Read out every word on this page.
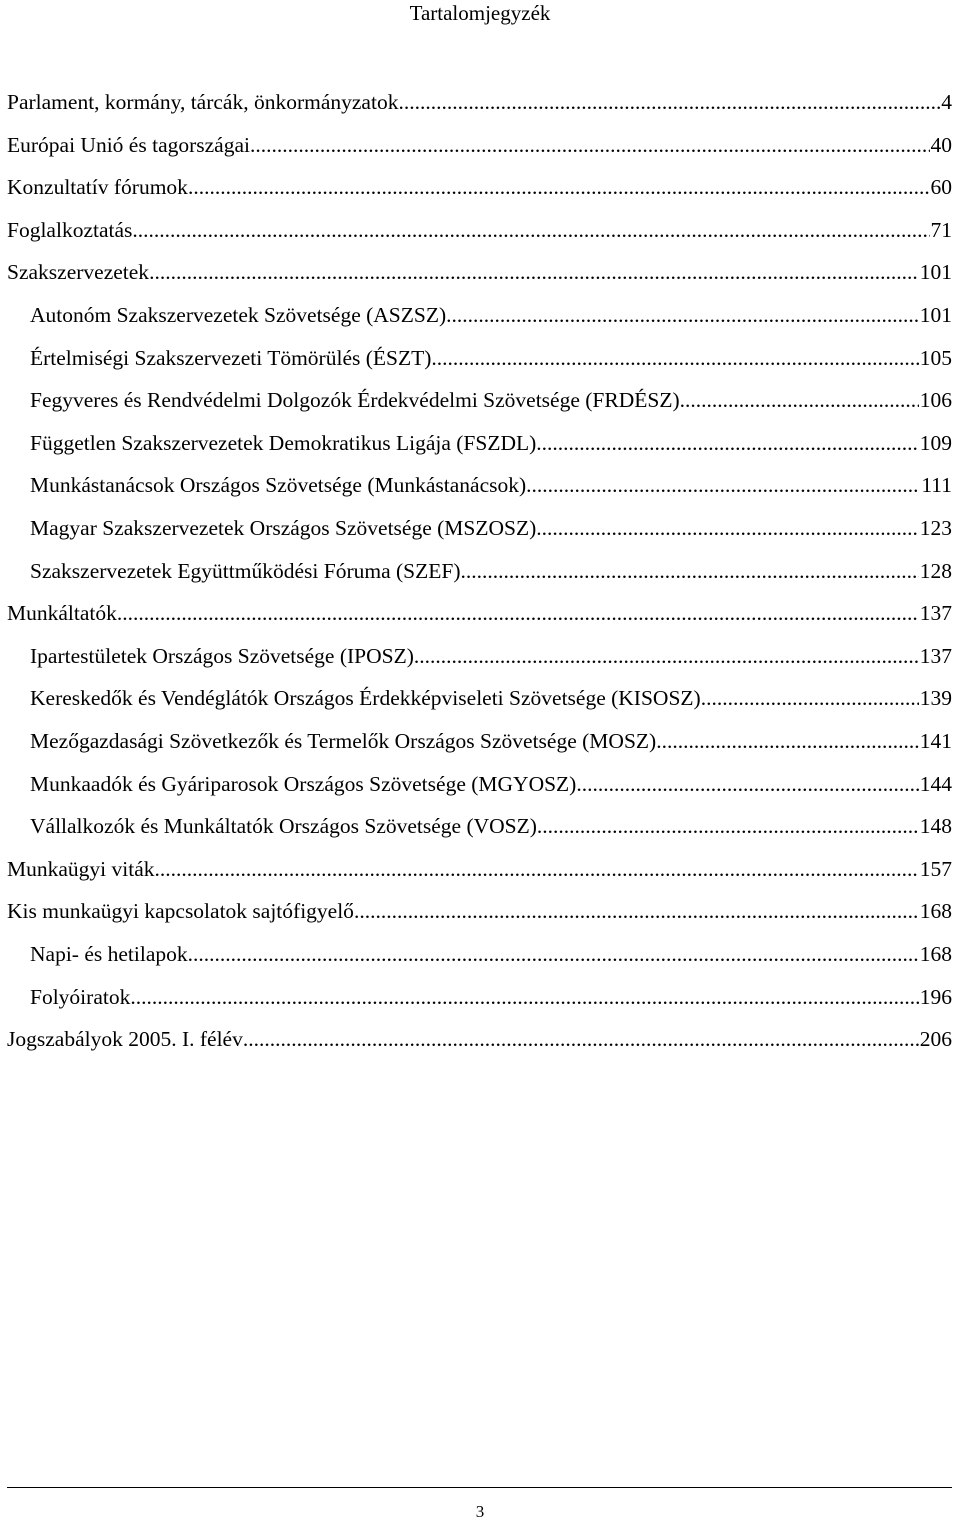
Tartalomjegyzék
Parlament, kormány, tárcák, önkormányzatok .....	4
Európai Unió és tagországai .....	40
Konzultatív fórumok .....	60
Foglalkoztatás .....	71
Szakszervezetek .....	101
Autonóm Szakszervezetek Szövetsége (ASZSZ) .....	101
Értelmiségi Szakszervezeti Tömörülés (ÉSZT) .....	105
Fegyveres és Rendvédelmi Dolgozók Érdekvédelmi Szövetsége (FRDÉSZ) .....	106
Független Szakszervezetek Demokratikus Ligája (FSZDL) .....	109
Munkástanácsok Országos Szövetsége (Munkástanácsok) .....	111
Magyar Szakszervezetek Országos Szövetsége (MSZOSZ) .....	123
Szakszervezetek Együttműködési Fóruma (SZEF) .....	128
Munkáltatók .....	137
Ipartestületek Országos Szövetsége (IPOSZ) .....	137
Kereskedők és Vendéglátók Országos Érdekképviseleti Szövetsége (KISOSZ) .....	139
Mezőgazdasági Szövetkezők és Termelők Országos Szövetsége (MOSZ) .....	141
Munkaadók és Gyáriparosok Országos Szövetsége (MGYOSZ) .....	144
Vállalkozók és Munkáltatók Országos Szövetsége (VOSZ) .....	148
Munkaügyi viták .....	157
Kis munkaügyi kapcsolatok sajtófigyelő .....	168
Napi- és hetilapok .....	168
Folyóiratok .....	196
Jogszabályok 2005. I. félév .....	206
3
